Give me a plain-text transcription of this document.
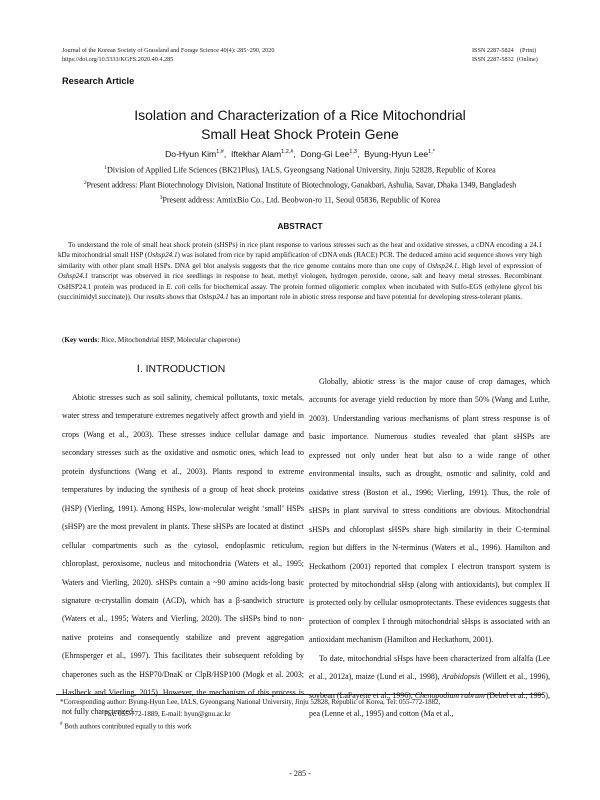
Journal of the Korean Society of Grassland and Forage Science 40(4): 285~290, 2020
https://doi.org/10.5333/KGFS.2020.40.4.285
ISSN 2287-5824    (Print)
ISSN 2287-5832  (Online)
Research Article
Isolation and Characterization of a Rice Mitochondrial
Small Heat Shock Protein Gene
Do-Hyun Kim$^{1,\#}$,  Iftekhar Alam$^{1,2,\#}$,  Dong-Gi Lee$^{1,3}$,  Byung-Hyun Lee$^{1,*}$
$^1$Division of Applied Life Sciences (BK21Plus), IALS, Gyeongsang National University, Jinju 52828, Republic of Korea
$^2$Present address: Plant Biotechnology Division, National Institute of Biotechnology, Ganakbari, Ashulia, Savar, Dhaka 1349, Bangladesh
$^3$Present address: AmtixBio Co., Ltd. Beobwon-ro 11, Seoul 05836, Republic of Korea
ABSTRACT

To understand the role of small heat shock protein (sHSPs) in rice plant response to various stresses such as the heat and oxidative stresses, a cDNA encoding a 24.1 kDa mitochondrial small HSP (Oshsp24.1) was isolated from rice by rapid amplification of cDNA ends (RACE) PCR. The deduced amino acid sequence shows very high similarity with other plant small HSPs. DNA gel blot analysis suggests that the rice genome contains more than one copy of Oshsp24.1. High level of expression of Oshsp24.1 transcript was observed in rice seedlings in response to heat, methyl viologen, hydrogen peroxide, ozone, salt and heavy metal stresses. Recombinant OsHSP24.1 protein was produced in E. coli cells for biochemical assay. The protein formed oligomeric complex when incubated with Sulfo-EGS (ethylene glycol bis (succinimidyl succinate)). Our results shows that Oshsp24.1 has an important role in abiotic stress response and have potential for developing stress-tolerant plants.

(Key words: Rice, Mitochondrial HSP, Molecular chaperone)
Ⅰ. INTRODUCTION

Abiotic stresses such as soil salinity, chemical pollutants, toxic metals, water stress and temperature extremes negatively affect growth and yield in crops (Wang et al., 2003). These stresses induce cellular damage and secondary stresses such as the oxidative and osmotic ones, which lead to protein dysfunctions (Wang et al., 2003). Plants respond to extreme temperatures by inducing the synthesis of a group of heat shock proteins (HSP) (Vierling, 1991). Among HSPs, low-molecular weight ‘small’ HSPs (sHSP) are the most prevalent in plants. These sHSPs are located at distinct cellular compartments such as the cytosol, endoplasmic reticulum, chloroplast, peroxisome, nucleus and mitochondria (Waters et al., 1995; Waters and Vierling, 2020). sHSPs contain a ~90 amino acids-long basic signature α-crystallin domain (ACD), which has a β-sandwich structure (Waters et al., 1995; Waters and Vierling, 2020). The sHSPs bind to non-native proteins and consequently stabilize and prevent aggregation (Ehrnsperger et al., 1997). This facilitates their subsequent refolding by chaperones such as the HSP70/DnaK or ClpB/HSP100 (Mogk et al. 2003; Haslbeck and Vierling, 2015). However, the mechanism of this process is not fully characterized.

Globally, abiotic stress is the major cause of crop damages, which accounts for average yield reduction by more than 50% (Wang and Luthe, 2003). Understanding various mechanisms of plant stress response is of basic importance. Numerous studies revealed that plant sHSPs are expressed not only under heat but also to a wide range of other environmental insults, such as drought, osmotic and salinity, cold and oxidative stress (Boston et al., 1996; Vierling, 1991). Thus, the role of sHSPs in plant survival to stress conditions are obvious. Mitochondrial sHSPs and chloroplast sHSPs share high similarity in their C-terminal region but differs in the N-terminus (Waters et al., 1996). Hamilton and Heckathorn (2001) reported that complex I electron transport system is protected by mitochondrial sHsp (along with antioxidants), but complex II is protected only by cellular osmoprotectants. These evidences suggests that protection of complex I through mitochondrial sHsps is associated with an antioxidant mechanism (Hamilton and Heckathorn, 2001).

To date, mitochondrial sHsps have been characterized from alfalfa (Lee et al., 2012a), maize (Lund et al., 1998), Arabidopsis (Willett et al., 1996), soybean (LaFayette et al., 1996), Chenopodium rubrum (Debel et al., 1995), pea (Lenne et al., 1995) and cotton (Ma et al.,

*Corresponding author: Byung-Hyun Lee, IALS, Gyeongsang National University, Jinju 52828, Republic of Korea, Tel: 055-772-1882,
Fax: 055-772-1889, E-mail: hyun@gnu.ac.kr
# Both authors contributed equally to this work
- 285 -
